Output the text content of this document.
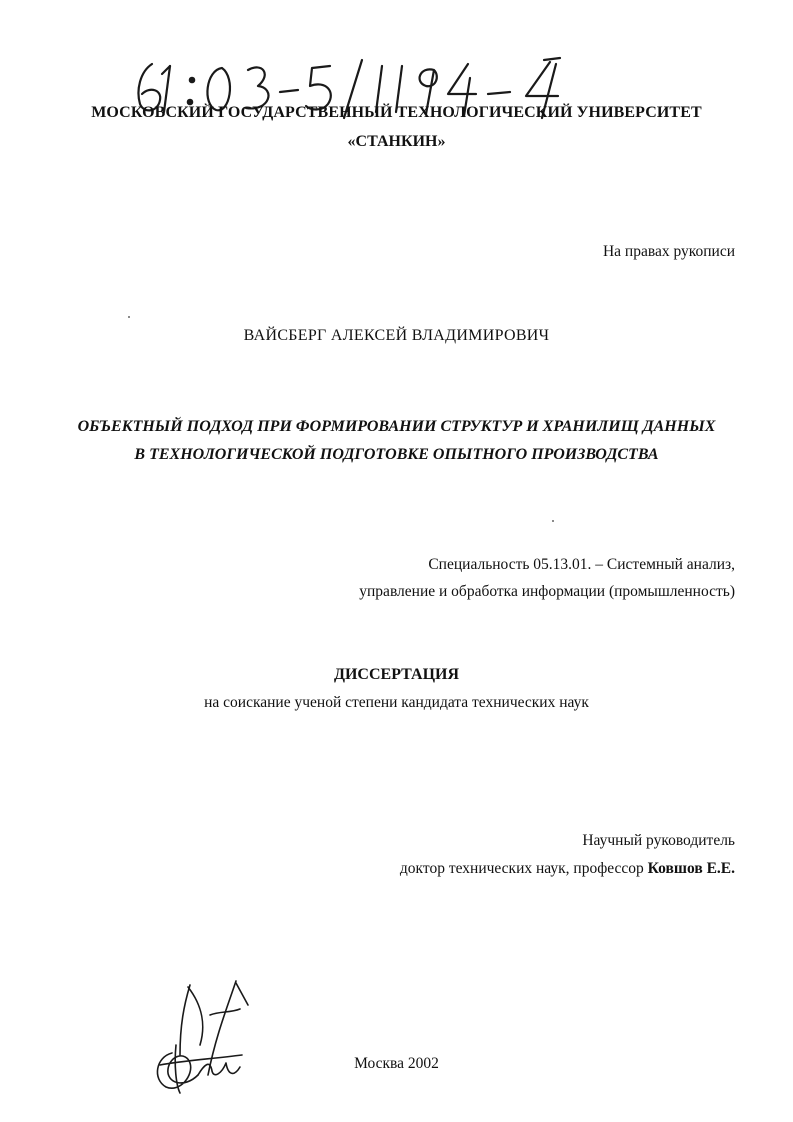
МОСКОВСКИЙ ГОСУДАРСТВЕННЫЙ ТЕХНОЛОГИЧЕСКИЙ УНИВЕРСИТЕТ
«СТАНКИН»
На правах рукописи
ВАЙСБЕРГ АЛЕКСЕЙ ВЛАДИМИРОВИЧ
ОБЪЕКТНЫЙ ПОДХОД ПРИ ФОРМИРОВАНИИ СТРУКТУР И ХРАНИЛИЩ ДАННЫХ
В ТЕХНОЛОГИЧЕСКОЙ ПОДГОТОВКЕ ОПЫТНОГО ПРОИЗВОДСТВА
Специальность 05.13.01. – Системный анализ,
управление и обработка информации (промышленность)
ДИССЕРТАЦИЯ
на соискание ученой степени кандидата технических наук
Научный руководитель
доктор технических наук, профессор Ковшов Е.Е.
Москва 2002
